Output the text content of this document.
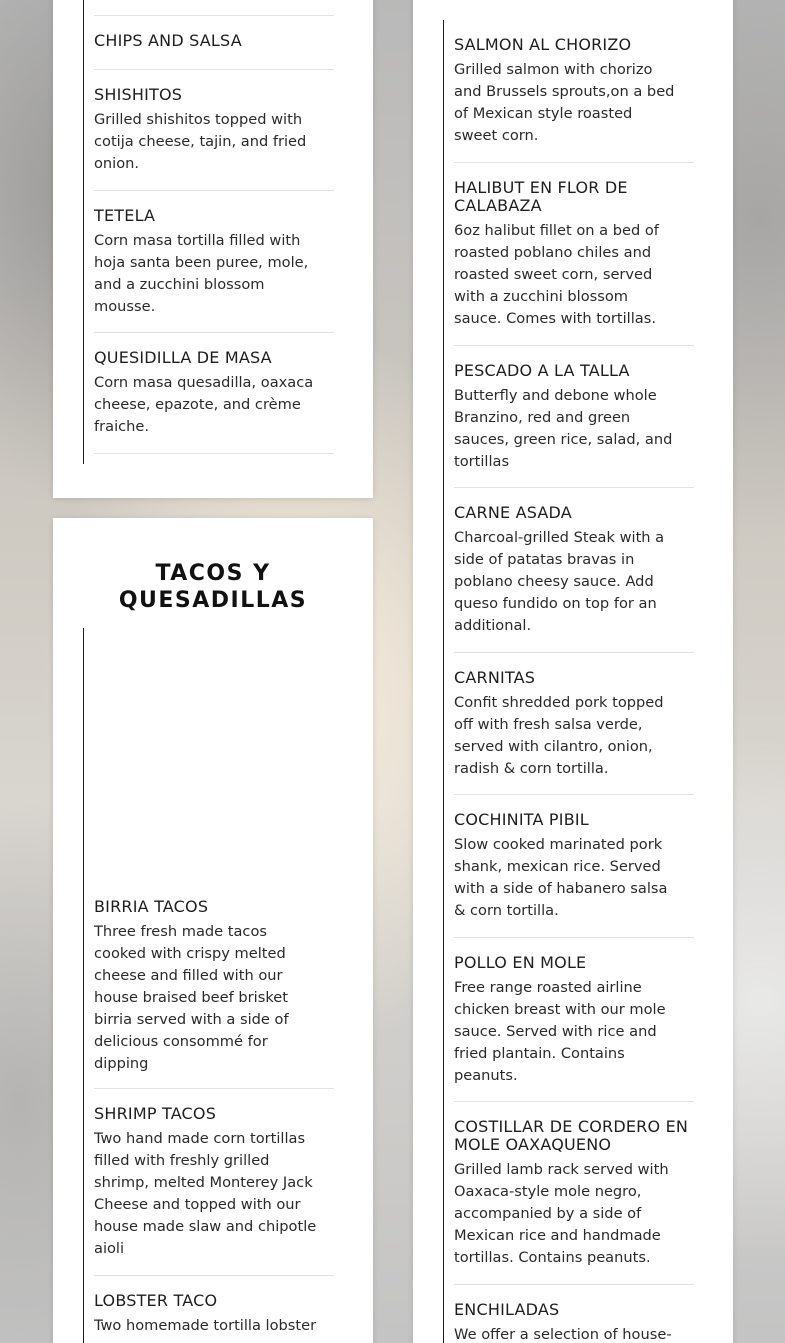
CHIPS AND SALSA
SHISHITOS
Grilled shishitos topped with cotija cheese, tajin, and fried onion.
TETELA
Corn masa tortilla filled with hoja santa been puree, mole, and a zucchini blossom mousse.
QUESIDILLA DE MASA
Corn masa quesadilla, oaxaca cheese, epazote, and crème fraiche.
TACOS Y
QUESADILLAS
BIRRIA TACOS
Three fresh made tacos cooked with crispy melted cheese and filled with our house braised beef brisket birria served with a side of delicious consommé for dipping
SHRIMP TACOS
Two hand made corn tortillas filled with freshly grilled shrimp, melted Monterey Jack Cheese and topped with our house made slaw and chipotle aioli
LOBSTER TACO
Two homemade tortilla lobster
SALMON AL CHORIZO
Grilled salmon with chorizo and Brussels sprouts,on a bed of Mexican style roasted sweet corn.
HALIBUT EN FLOR DE CALABAZA
6oz halibut fillet on a bed of roasted poblano chiles and roasted sweet corn, served with a zucchini blossom sauce. Comes with tortillas.
PESCADO A LA TALLA
Butterfly and debone whole Branzino, red and green sauces, green rice, salad, and tortillas
CARNE ASADA
Charcoal-grilled Steak with a side of patatas bravas in poblano cheesy sauce. Add queso fundido on top for an additional.
CARNITAS
Confit shredded pork topped off with fresh salsa verde, served with cilantro, onion, radish & corn tortilla.
COCHINITA PIBIL
Slow cooked marinated pork shank, mexican rice. Served with a side of habanero salsa & corn tortilla.
POLLO EN MOLE
Free range roasted airline chicken breast with our mole sauce. Served with rice and fried plantain. Contains peanuts.
COSTILLAR DE CORDERO EN MOLE OAXAQUENO
Grilled lamb rack served with Oaxaca-style mole negro, accompanied by a side of Mexican rice and handmade tortillas. Contains peanuts.
ENCHILADAS
We offer a selection of house-
